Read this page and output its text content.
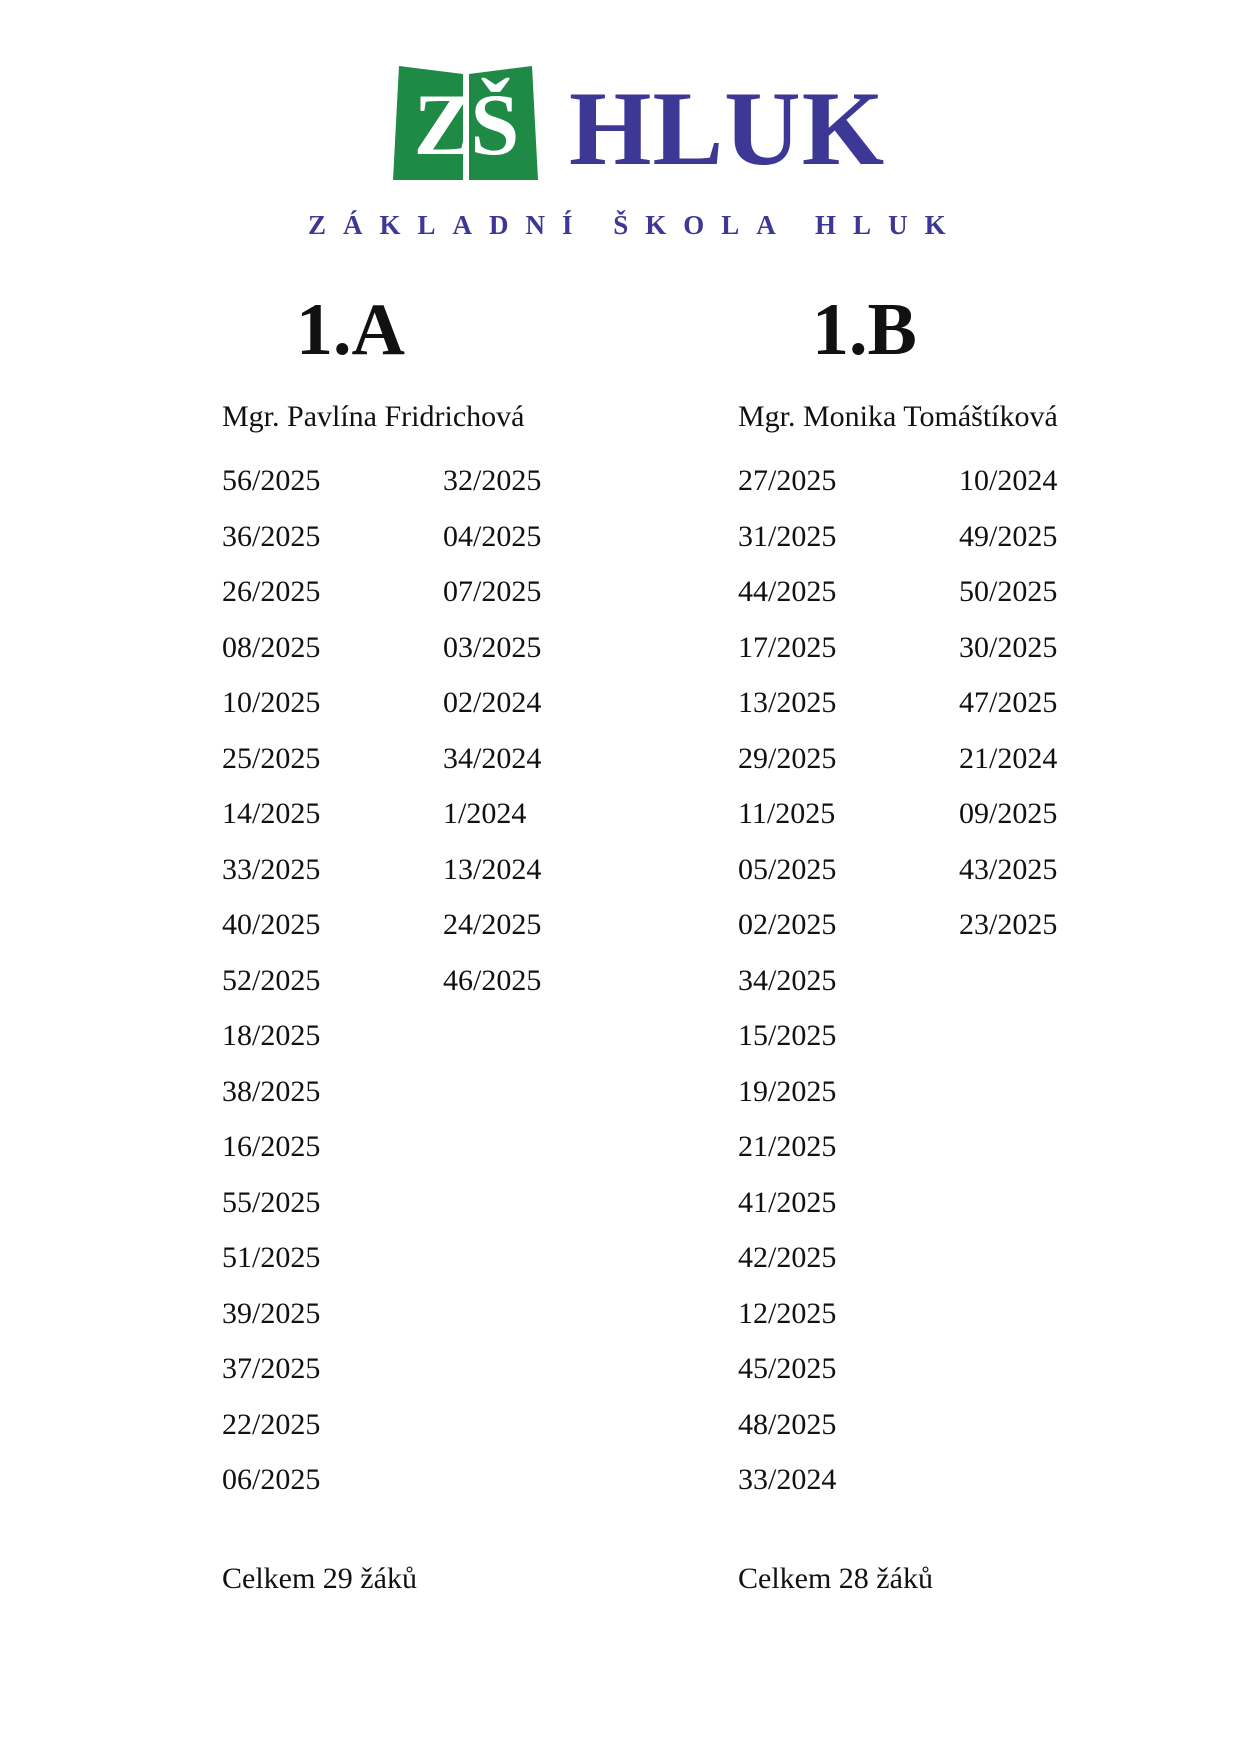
ZŠ HLUK
ZÁKLADNÍ ŠKOLA HLUK
1.A
Mgr. Pavlína Fridrichová
56/2025
36/2025
26/2025
08/2025
10/2025
25/2025
14/2025
33/2025
40/2025
52/2025
18/2025
38/2025
16/2025
55/2025
51/2025
39/2025
37/2025
22/2025
06/2025
32/2025
04/2025
07/2025
03/2025
02/2024
34/2024
1/2024
13/2024
24/2025
46/2025
Celkem 29 žáků
1.B
Mgr. Monika Tomáštíková
27/2025
31/2025
44/2025
17/2025
13/2025
29/2025
11/2025
05/2025
02/2025
34/2025
15/2025
19/2025
21/2025
41/2025
42/2025
12/2025
45/2025
48/2025
33/2024
10/2024
49/2025
50/2025
30/2025
47/2025
21/2024
09/2025
43/2025
23/2025
Celkem 28 žáků
